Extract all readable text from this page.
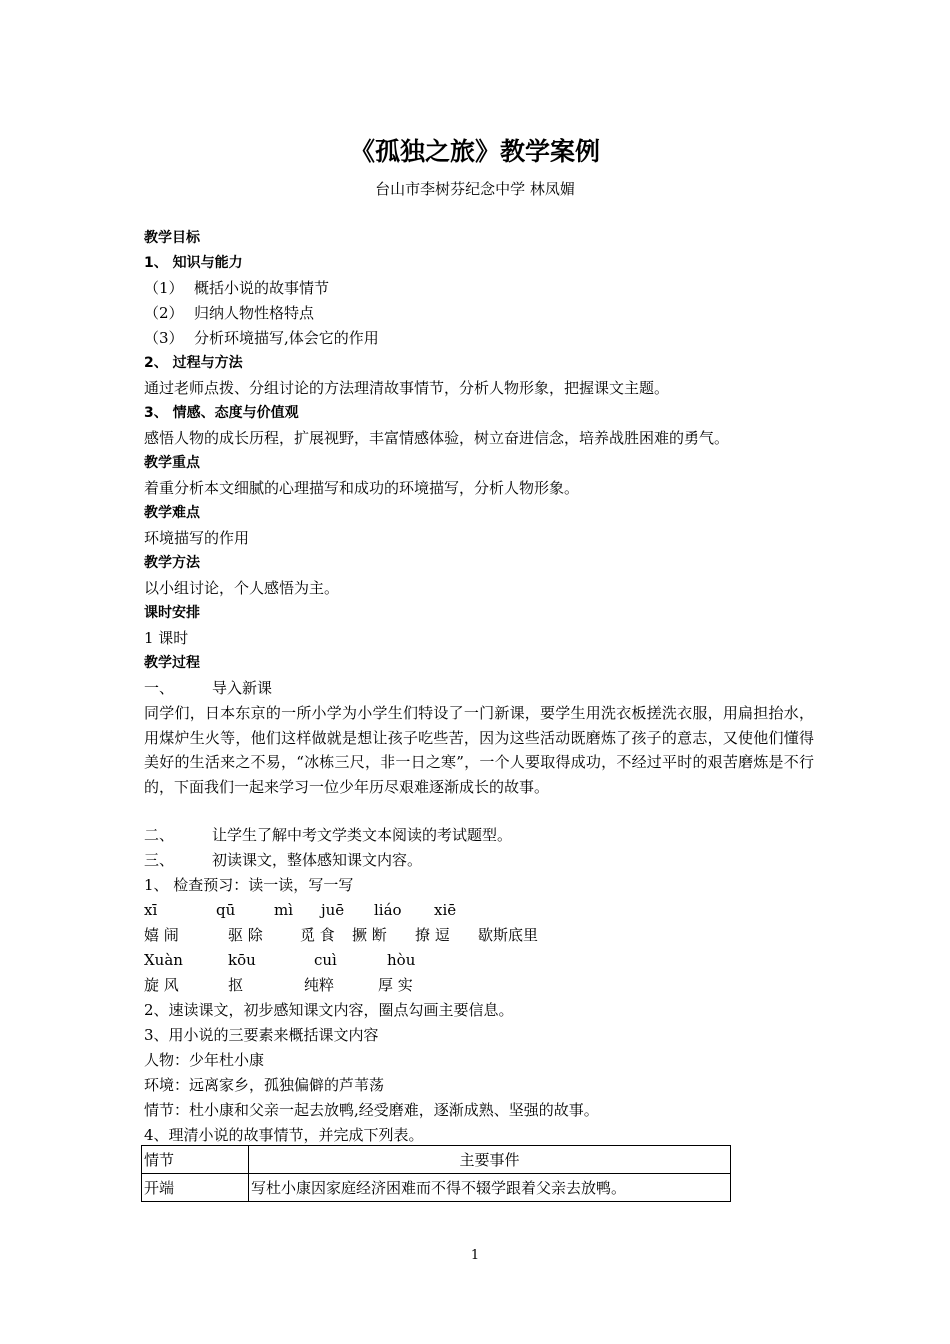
《孤独之旅》教学案例
台山市李树芬纪念中学 林凤媚
教学目标
1、 知识与能力
（1） 概括小说的故事情节
（2） 归纳人物性格特点
（3） 分析环境描写,体会它的作用
2、 过程与方法
通过老师点拨、分组讨论的方法理清故事情节，分析人物形象，把握课文主题。
3、 情感、态度与价值观
感悟人物的成长历程，扩展视野，丰富情感体验，树立奋进信念，培养战胜困难的勇气。
教学重点
着重分析本文细腻的心理描写和成功的环境描写，分析人物形象。
教学难点
环境描写的作用
教学方法
以小组讨论，个人感悟为主。
课时安排
1 课时
教学过程
一、	导入新课
同学们，日本东京的一所小学为小学生们特设了一门新课，要学生用洗衣板搓洗衣服，用扁担抬水，用煤炉生火等，他们这样做就是想让孩子吃些苦，因为这些活动既磨炼了孩子的意志，又使他们懂得美好的生活来之不易，“冰栋三尺，非一日之寒”，一个人要取得成功，不经过平时的艰苦磨炼是不行的，下面我们一起来学习一位少年历尽艰难逐渐成长的故事。
二、	让学生了解中考文学类文本阅读的考试题型。
三、	初读课文，整体感知课文内容。
1、 检查预习：读一读，写一写
xī	qū	mì	juē	liáo	xiē
嬉 闹	驱 除	觅 食	撅 断	撩 逗	歇斯底里
Xuàn	kōu	cuì	hòu
旋 风	抠	纯粹	厚 实
2、速读课文，初步感知课文内容，圈点勾画主要信息。
3、用小说的三要素来概括课文内容
人物：少年杜小康
环境：远离家乡，孤独偏僻的芦苇荡
情节：杜小康和父亲一起去放鸭,经受磨难，逐渐成熟、坚强的故事。
4、理清小说的故事情节，并完成下列表。
情节	主要事件
开端	写杜小康因家庭经济困难而不得不辍学跟着父亲去放鸭。
1
